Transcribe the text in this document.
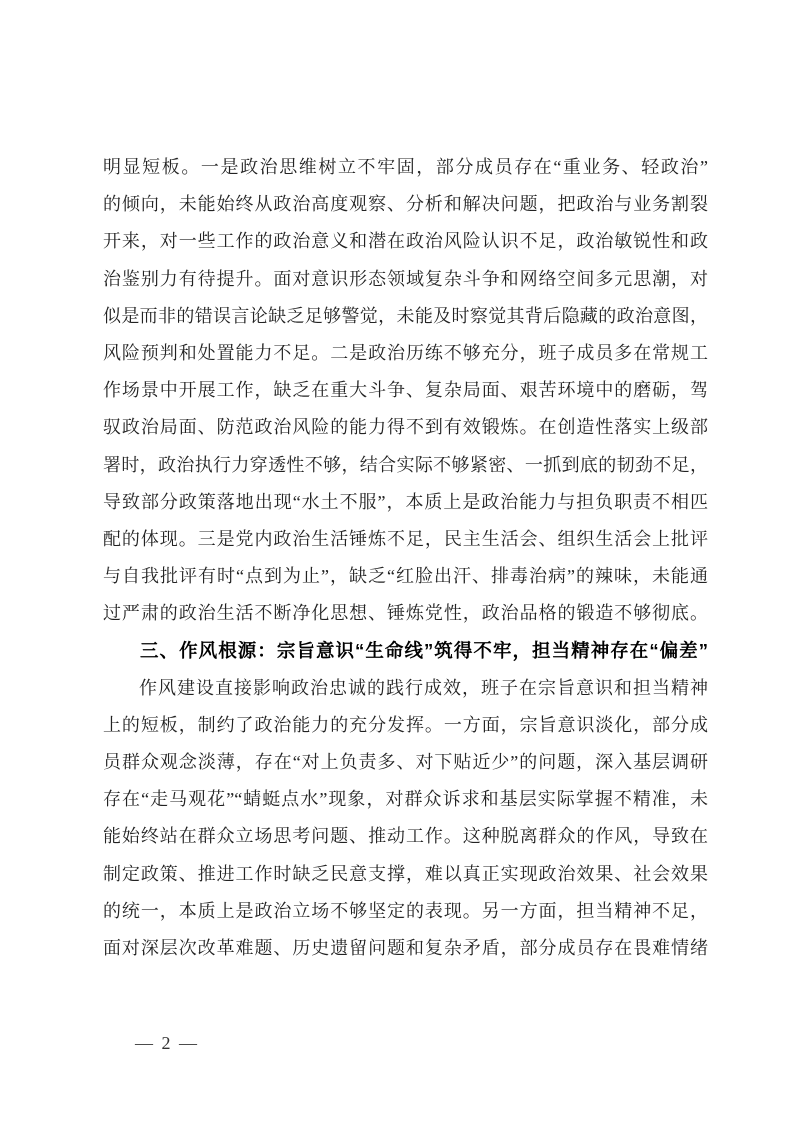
明显短板。一是政治思维树立不牢固，部分成员存在“重业务、轻政治”
的倾向，未能始终从政治高度观察、分析和解决问题，把政治与业务割裂
开来，对一些工作的政治意义和潜在政治风险认识不足，政治敏锐性和政
治鉴别力有待提升。面对意识形态领域复杂斗争和网络空间多元思潮，对
似是而非的错误言论缺乏足够警觉，未能及时察觉其背后隐藏的政治意图，
风险预判和处置能力不足。二是政治历练不够充分，班子成员多在常规工
作场景中开展工作，缺乏在重大斗争、复杂局面、艰苦环境中的磨砺，驾
驭政治局面、防范政治风险的能力得不到有效锻炼。在创造性落实上级部
署时，政治执行力穿透性不够，结合实际不够紧密、一抓到底的韧劲不足，
导致部分政策落地出现“水土不服”，本质上是政治能力与担负职责不相匹
配的体现。三是党内政治生活锤炼不足，民主生活会、组织生活会上批评
与自我批评有时“点到为止”，缺乏“红脸出汗、排毒治病”的辣味，未能通
过严肃的政治生活不断净化思想、锤炼党性，政治品格的锻造不够彻底。
三、作风根源：宗旨意识“生命线”筑得不牢，担当精神存在“偏差”
作风建设直接影响政治忠诚的践行成效，班子在宗旨意识和担当精神
上的短板，制约了政治能力的充分发挥。一方面，宗旨意识淡化，部分成
员群众观念淡薄，存在“对上负责多、对下贴近少”的问题，深入基层调研
存在“走马观花”“蜻蜓点水”现象，对群众诉求和基层实际掌握不精准，未
能始终站在群众立场思考问题、推动工作。这种脱离群众的作风，导致在
制定政策、推进工作时缺乏民意支撑，难以真正实现政治效果、社会效果
的统一，本质上是政治立场不够坚定的表现。另一方面，担当精神不足，
面对深层次改革难题、历史遗留问题和复杂矛盾，部分成员存在畏难情绪
— 2 —
